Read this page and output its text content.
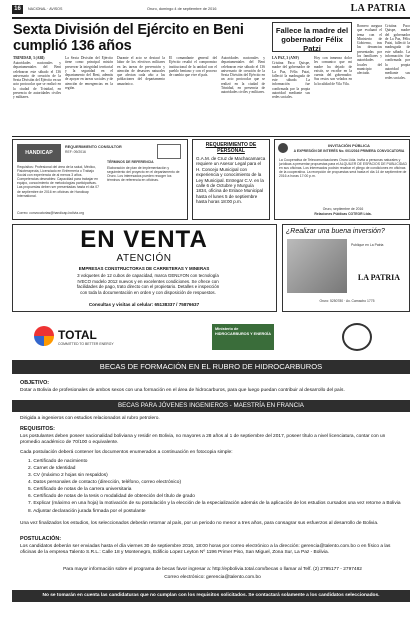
16	NACIONAL · AVISOS	Oruro, domingo 4 de septiembre de 2016	LA PATRIA
Sexta División del Ejército en Beni cumplió 136 años
TRINIDAD, 3 (ABI)
Autoridades nacionales y departamentales del Beni celebraron este sábado el 136 aniversario de creación de la Sexta División del Ejército en un acto protocolar que se realizó en la ciudad de Trinidad, en presencia de autoridades civiles y militares.
La Sexta División del Ejército tiene como principal misión preservar la integridad territorial y la seguridad en el departamento del Beni, además de apoyar en tareas sociales y de atención de emergencias en la región.
Durante el acto se destacó la labor de los efectivos militares en las tareas de prevención y atención de desastres naturales que afectan cada año a las poblaciones del departamento amazónico.
El comandante general del Ejército resaltó el compromiso institucional de la unidad con el pueblo beniano y con el proceso de cambio que vive el país.
Autoridades nacionales y departamentales del Beni celebraron este sábado el 136 aniversario de creación de la Sexta División del Ejército en un acto protocolar que se realizó en la ciudad de Trinidad, en presencia de autoridades civiles y militares.
Fallece la madre del gobernador Félix Patzi
LA PAZ, 3 (ANF)
Cristina Paco Quispe, madre del gobernador de La Paz, Félix Patzi, falleció la madrugada de este sábado. La información fue confirmada por la propia autoridad mediante sus redes sociales.
Hoy con inmenso dolor les comunico que mi madre ha dejado de existir, se escribe en la cuenta del gobernador. Sus restos son velados en la localidad de Vila Vila.
Romero asegura que evaluará el tema con el Ministerio de Gobierno, tras las denuncias presentadas por los familiares y autoridades locales del municipio afectado.
Cristina Paco Quispe, madre del gobernador de La Paz, Félix Patzi, falleció la madrugada de este sábado. La información fue confirmada por la propia autoridad mediante sus redes sociales.
HANDICAP
REQUERIMIENTO CONSULTOR
REF: 09/2016
Requisitos: Profesional del área de la salud, Médico, Fisioterapeuta, Licenciado en Enfermería o Trabajo Social con experiencia de al menos 3 años. Competencias deseables: Capacidad para trabajar en equipo, conocimiento de metodologías participativas. Las propuestas deben ser presentadas hasta el día 07 de septiembre de 2016 en oficinas de Handicap International.
Correo: convocatorias@handicap-bolivia.org
TÉRMINOS DE REFERENCIA
Elaboración de plan de implementación y seguimiento del proyecto en el departamento de Oruro. Los interesados pueden recoger los términos de referencia en oficinas.
REQUERIMIENTO DE PERSONAL
G.A.M. de Cruz de Machacamarca requiere un Asesor Legal para el H. Concejo Municipal con experiencia y conocimiento de la Ley Municipal. Entregar C.V. en la calle 6 de Octubre y Murguía 1834, oficina de Enlace Municipal hasta el lunes 5 de septiembre hasta horas 18:00 p.m.
INVITACIÓN PÚBLICA
A EXPRESIÓN DE INTERÉS No. 001/2016 PRIMERA CONVOCATORIA
La Cooperativa de Telecomunicaciones Oruro Ltda. invita a personas naturales y jurídicas a presentar propuestas para el ALQUILER DE ESPACIOS DE PUBLICIDAD en sus oficinas. Los interesados podrán recabar el pliego de condiciones en oficinas de la cooperativa. La recepción de propuestas será hasta el día 14 de septiembre de 2016 a horas 17:00 p.m.
Oruro, septiembre de 2016
Relaciones Públicas COTEOR Ltda.
EN VENTA
ATENCIÓN
EMPRESAS CONSTRUCTORAS DE CARRETERAS Y MINERAS
3 volquetes de 12 cubos de capacidad, marca GENLYON con tecnología IVECO modelo 2012 nuevos y en excelentes condiciones. Se ofrece con facilidades de pago, trato directo con el propietario. Detalles e inspección con toda la documentación en orden y con disposición de respuestos.
Consultas y visitas al celular: 65138337 / 75876637
¿Realizar una buena inversión?
Publique en La Patria
LA PATRIA
Oruro: 5250780 · Av. Camacho 1775
TOTAL
COMMITTED TO BETTER ENERGY
Ministerio de HIDROCARBUROS Y ENERGÍA
BECAS DE FORMACIÓN EN EL RUBRO DE HIDROCARBUROS
OBJETIVO:
Dotar a Bolivia de profesionales de ambos sexos con una formación en el área de hidrocarburos, para que luego puedan contribuir al desarrollo del país.
BECAS PARA JÓVENES INGENIEROS - MAESTRÍA EN FRANCIA
Dirigida a ingenieros con estudios relacionados al rubro petrolero.
REQUISITOS:
Los postulantes deben poseer nacionalidad boliviana y residir en Bolivia, no mayores a 28 años al 1 de septiembre del 2017, poseer título a nivel licenciatura, contar con un promedio académico de 70/100 o equivalente.
Cada postulación deberá contener los documentos enumerados a continuación en fotocopia simple:
1. Certificado de nacimiento
2. Carnet de Identidad
3. CV (máximo 2 hojas sin respaldos)
4. Datos personales de contacto (dirección, teléfono, correo electrónico)
5. Certificado de notas de la carrera universitaria
6. Certificado de notas de la tesis o modalidad de obtención del título de grado
7. Explicar (máximo en una hoja) la motivación de su postulación y la elección de la especialización además de la aplicación de los estudios cursados una vez retorne a Bolivia
8. Adjuntar declaración jurada firmada por el postulante
Una vez finalizados los estudios, los seleccionados deberán retornar al país, por un periodo no menor a tres años, para consagrar sus esfuerzos al desarrollo de Bolivia.
POSTULACIÓN:
Los candidatos deberán ser enviadas hasta el día viernes 30 de septiembre 2016, 18:00 horas por correo electrónico a la dirección: gerencia@talento.com.bo o en físico a las oficinas de la empresa Talento S.R.L.: Calle 18 y Montenegro, Edificio Lopez Leyton Nº 1196 Primer Piso, San Miguel, Zona Sur, La Paz - Bolivia.
Para mayor información sobre el programa de becas favor ingresar a: http://epbolivia.total.com/becas o llamar al Telf. (2) 2795177 - 2797482
Correo electrónico: gerencia@talento.com.bo
No se tomarán en cuenta las candidaturas que no cumplan con los requisitos solicitados. Se contactará solamente a los candidatos seleccionados.
